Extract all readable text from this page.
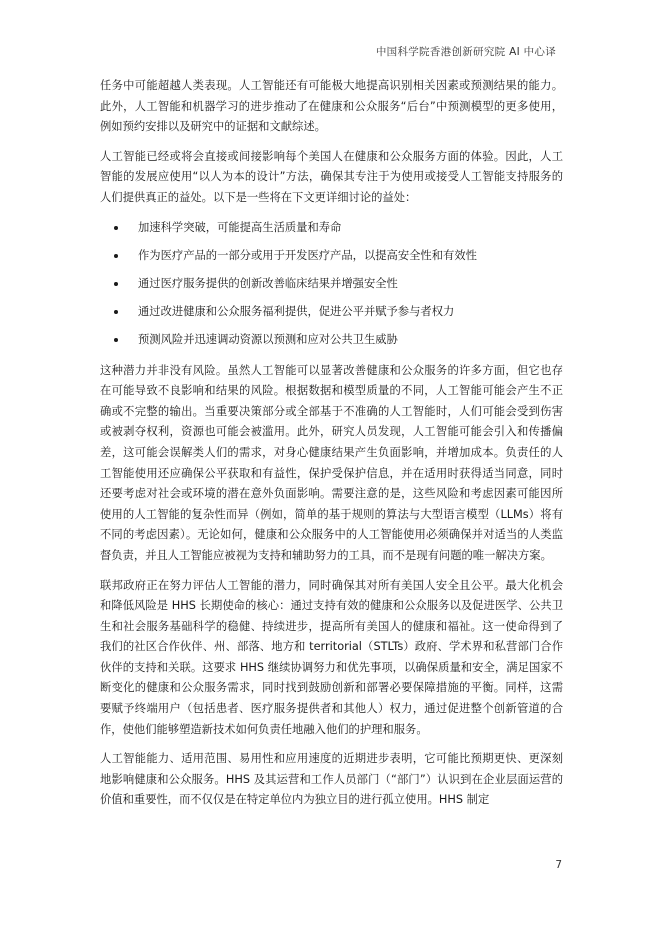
中国科学院香港创新研究院 AI 中心译

任务中可能超越人类表现。人工智能还有可能极大地提高识别相关因素或预测结果的能力。此外，人工智能和机器学习的进步推动了在健康和公众服务“后台”中预测模型的更多使用，例如预约安排以及研究中的证据和文献综述。

人工智能已经或将会直接或间接影响每个美国人在健康和公众服务方面的体验。因此，人工智能的发展应使用“以人为本的设计”方法，确保其专注于为使用或接受人工智能支持服务的人们提供真正的益处。以下是一些将在下文更详细讨论的益处：

加速科学突破，可能提高生活质量和寿命
作为医疗产品的一部分或用于开发医疗产品，以提高安全性和有效性
通过医疗服务提供的创新改善临床结果并增强安全性
通过改进健康和公众服务福利提供，促进公平并赋予参与者权力
预测风险并迅速调动资源以预测和应对公共卫生威胁

这种潜力并非没有风险。虽然人工智能可以显著改善健康和公众服务的许多方面，但它也存在可能导致不良影响和结果的风险。根据数据和模型质量的不同，人工智能可能会产生不正确或不完整的输出。当重要决策部分或全部基于不准确的人工智能时，人们可能会受到伤害或被剥夺权利，资源也可能会被滥用。此外，研究人员发现，人工智能可能会引入和传播偏差，这可能会误解类人们的需求，对身心健康结果产生负面影响，并增加成本。负责任的人工智能使用还应确保公平获取和有益性，保护受保护信息，并在适用时获得适当同意，同时还要考虑对社会或环境的潜在意外负面影响。需要注意的是，这些风险和考虑因素可能因所使用的人工智能的复杂性而异（例如，简单的基于规则的算法与大型语言模型（LLMs）将有不同的考虑因素）。无论如何，健康和公众服务中的人工智能使用必须确保并对适当的人类监督负责，并且人工智能应被视为支持和辅助努力的工具，而不是现有问题的唯一解决方案。

联邦政府正在努力评估人工智能的潜力，同时确保其对所有美国人安全且公平。最大化机会和降低风险是 HHS 长期使命的核心：通过支持有效的健康和公众服务以及促进医学、公共卫生和社会服务基础科学的稳健、持续进步，提高所有美国人的健康和福祉。这一使命得到了我们的社区合作伙伴、州、部落、地方和 territorial（STLTs）政府、学术界和私营部门合作伙伴的支持和关联。这要求 HHS 继续协调努力和优先事项，以确保质量和安全，满足国家不断变化的健康和公众服务需求，同时找到鼓励创新和部署必要保障措施的平衡。同样，这需要赋予终端用户（包括患者、医疗服务提供者和其他人）权力，通过促进整个创新管道的合作，使他们能够塑造新技术如何负责任地融入他们的护理和服务。

人工智能能力、适用范围、易用性和应用速度的近期进步表明，它可能比预期更快、更深刻地影响健康和公众服务。HHS 及其运营和工作人员部门（“部门”）认识到在企业层面运营的价值和重要性，而不仅仅是在特定单位内为独立目的进行孤立使用。HHS 制定

7
